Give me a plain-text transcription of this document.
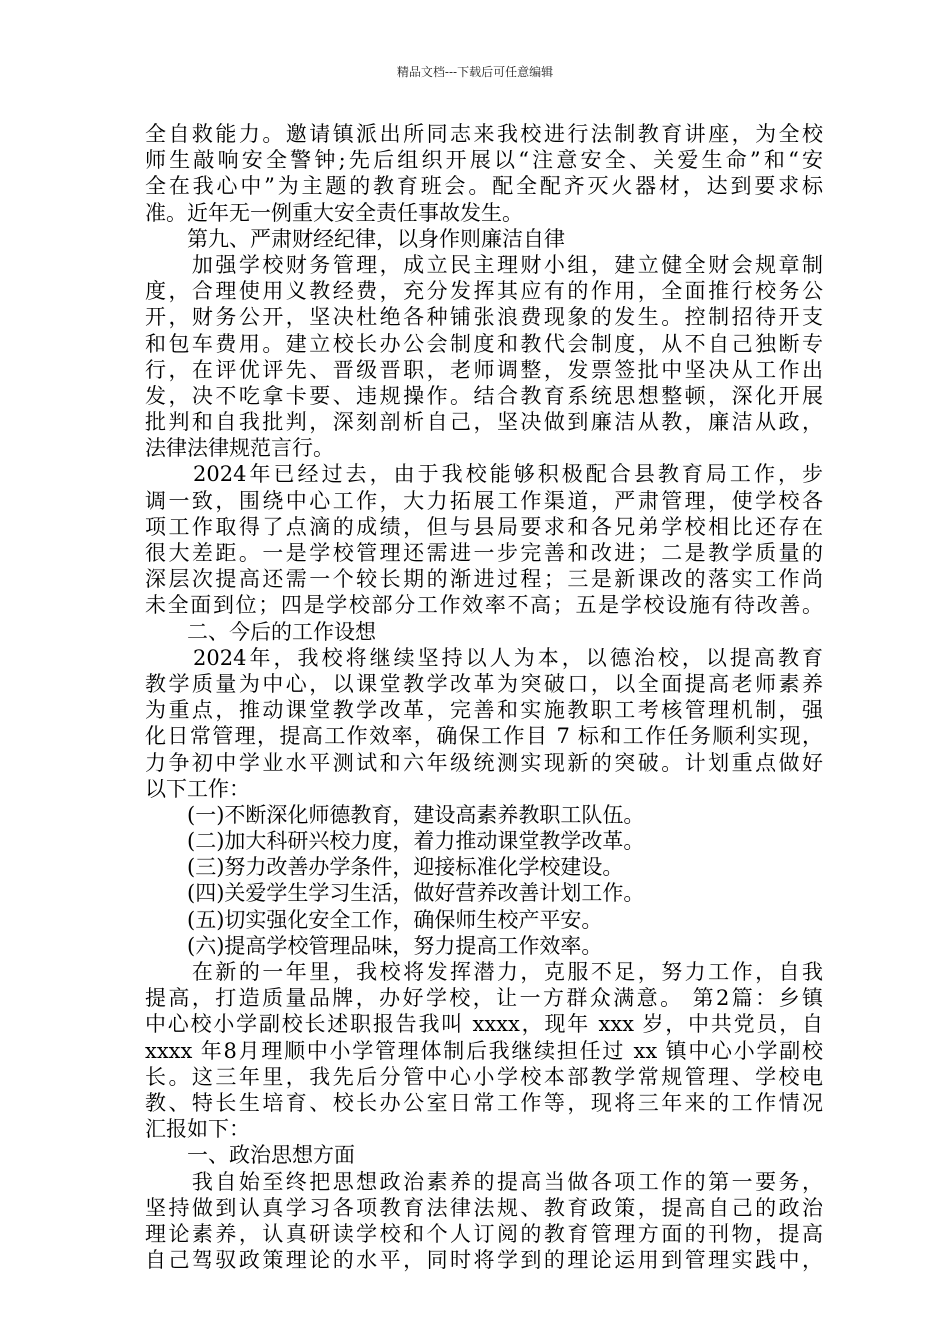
精品文档---下载后可任意编辑
全自救能力。邀请镇派出所同志来我校进行法制教育讲座，为全校
师生敲响安全警钟;先后组织开展以“注意安全、关爱生命”和“安
全在我心中”为主题的教育班会。配全配齐灭火器材，达到要求标
准。近年无一例重大安全责任事故发生。
　　第九、严肃财经纪律，以身作则廉洁自律
　　加强学校财务管理，成立民主理财小组，建立健全财会规章制
度，合理使用义教经费，充分发挥其应有的作用，全面推行校务公
开，财务公开，坚决杜绝各种铺张浪费现象的发生。控制招待开支
和包车费用。建立校长办公会制度和教代会制度，从不自己独断专
行，在评优评先、晋级晋职，老师调整，发票签批中坚决从工作出
发，决不吃拿卡要、违规操作。结合教育系统思想整顿，深化开展
批判和自我批判，深刻剖析自己，坚决做到廉洁从教，廉洁从政，
法律法律规范言行。
　　2024年已经过去，由于我校能够积极配合县教育局工作，步
调一致，围绕中心工作，大力拓展工作渠道，严肃管理，使学校各
项工作取得了点滴的成绩，但与县局要求和各兄弟学校相比还存在
很大差距。一是学校管理还需进一步完善和改进；二是教学质量的
深层次提高还需一个较长期的渐进过程；三是新课改的落实工作尚
未全面到位；四是学校部分工作效率不高；五是学校设施有待改善。
　　二、今后的工作设想
　　2024年，我校将继续坚持以人为本，以德治校，以提高教育
教学质量为中心，以课堂教学改革为突破口，以全面提高老师素养
为重点，推动课堂教学改革，完善和实施教职工考核管理机制，强
化日常管理，提高工作效率，确保工作目 7 标和工作任务顺利实现，
力争初中学业水平测试和六年级统测实现新的突破。计划重点做好
以下工作：
　　(一)不断深化师德教育，建设高素养教职工队伍。
　　(二)加大科研兴校力度，着力推动课堂教学改革。
　　(三)努力改善办学条件，迎接标准化学校建设。
　　(四)关爱学生学习生活，做好营养改善计划工作。
　　(五)切实强化安全工作，确保师生校产平安。
　　(六)提高学校管理品味，努力提高工作效率。
　　在新的一年里，我校将发挥潜力，克服不足，努力工作，自我
提高，打造质量品牌，办好学校，让一方群众满意。 第2篇：乡镇
中心校小学副校长述职报告我叫 xxxx，现年 xxx 岁，中共党员，自
xxxx 年8月理顺中小学管理体制后我继续担任过 xx 镇中心小学副校
长。这三年里，我先后分管中心小学校本部教学常规管理、学校电
教、特长生培育、校长办公室日常工作等，现将三年来的工作情况
汇报如下：
　　一、政治思想方面
　　我自始至终把思想政治素养的提高当做各项工作的第一要务，
坚持做到认真学习各项教育法律法规、教育政策，提高自己的政治
理论素养，认真研读学校和个人订阅的教育管理方面的刊物，提高
自己驾驭政策理论的水平，同时将学到的理论运用到管理实践中，
